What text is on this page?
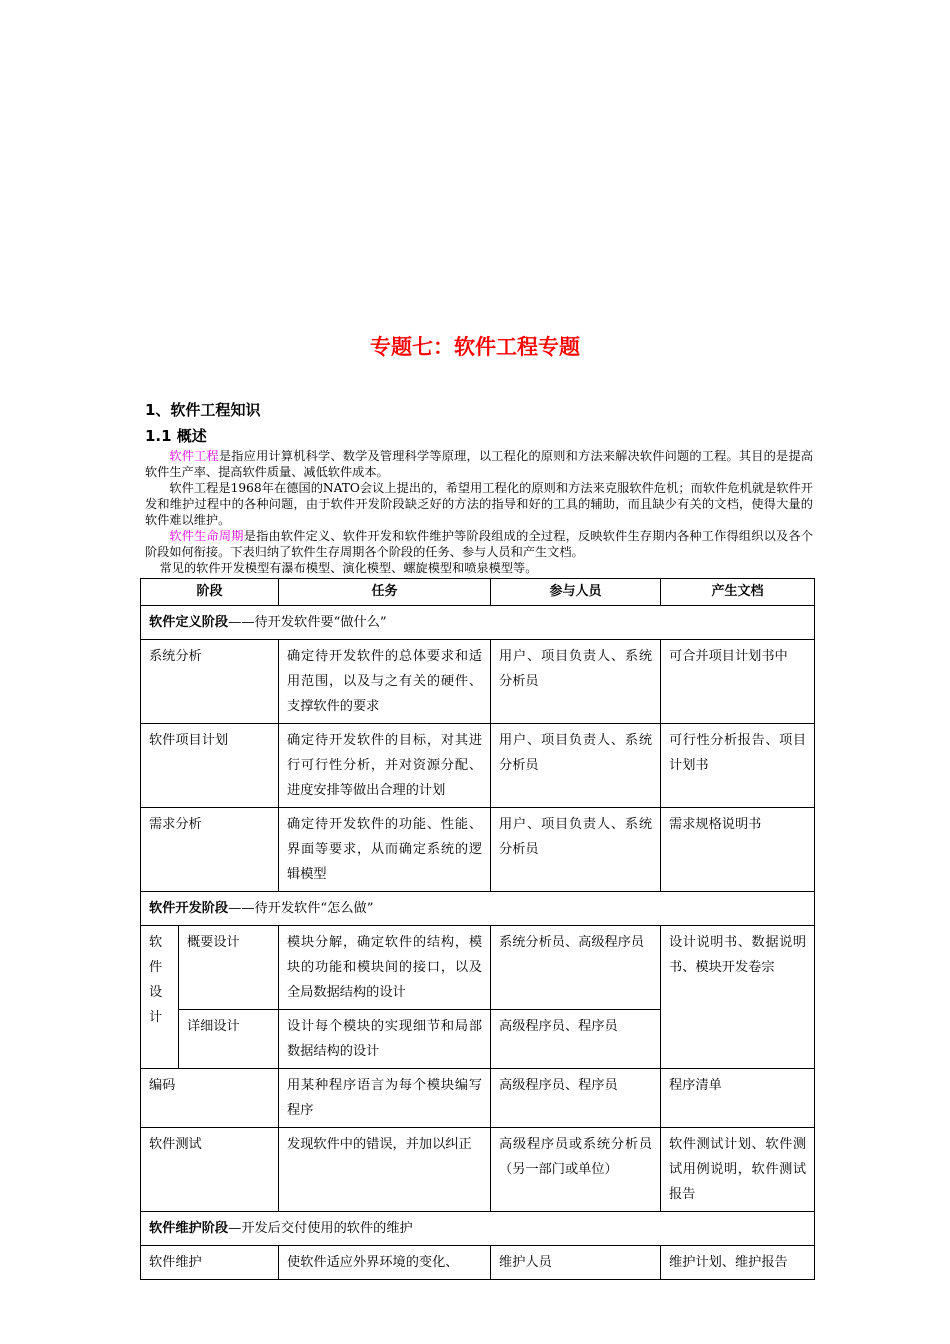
专题七：软件工程专题
1、软件工程知识
1.1 概述

软件工程是指应用计算机科学、数学及管理科学等原理，以工程化的原则和方法来解决软件问题的工程。其目的是提高软件生产率、提高软件质量、减低软件成本。

软件工程是1968年在德国的NATO会议上提出的，希望用工程化的原则和方法来克服软件危机；而软件危机就是软件开发和维护过程中的各种问题，由于软件开发阶段缺乏好的方法的指导和好的工具的辅助，而且缺少有关的文档，使得大量的软件难以维护。

软件生命周期是指由软件定义、软件开发和软件维护等阶段组成的全过程，反映软件生存期内各种工作得组织以及各个阶段如何衔接。下表归纳了软件生存周期各个阶段的任务、参与人员和产生文档。

常见的软件开发模型有瀑布模型、演化模型、螺旋模型和喷泉模型等。

阶段		任务	参与人员	产生文档
软件定义阶段——待开发软件要“做什么”				
系统分析		确定待开发软件的总体要求和适用范围，以及与之有关的硬件、支撑软件的要求	用户、项目负责人、系统分析员	可合并项目计划书中
软件项目计划		确定待开发软件的目标，对其进行可行性分析，并对资源分配、进度安排等做出合理的计划	用户、项目负责人、系统分析员	可行性分析报告、项目计划书
需求分析		确定待开发软件的功能、性能、界面等要求，从而确定系统的逻辑模型	用户、项目负责人、系统分析员	需求规格说明书
软件开发阶段——待开发软件“怎么做”				

软
件
设
计	概要设计	模块分解，确定软件的结构，模块的功能和模块间的接口，以及全局数据结构的设计	系统分析员、高级程序员	设计说明书、数据说明书、模块开发卷宗
	详细设计	设计每个模块的实现细节和局部数据结构的设计	高级程序员、程序员	
编码		用某种程序语言为每个模块编写程序	高级程序员、程序员	程序清单
软件测试		发现软件中的错误，并加以纠正	高级程序员或系统分析员（另一部门或单位）	软件测试计划、软件测试用例说明，软件测试报告
软件维护阶段—开发后交付使用的软件的维护				
软件维护		使软件适应外界环境的变化、	维护人员	维护计划、维护报告
